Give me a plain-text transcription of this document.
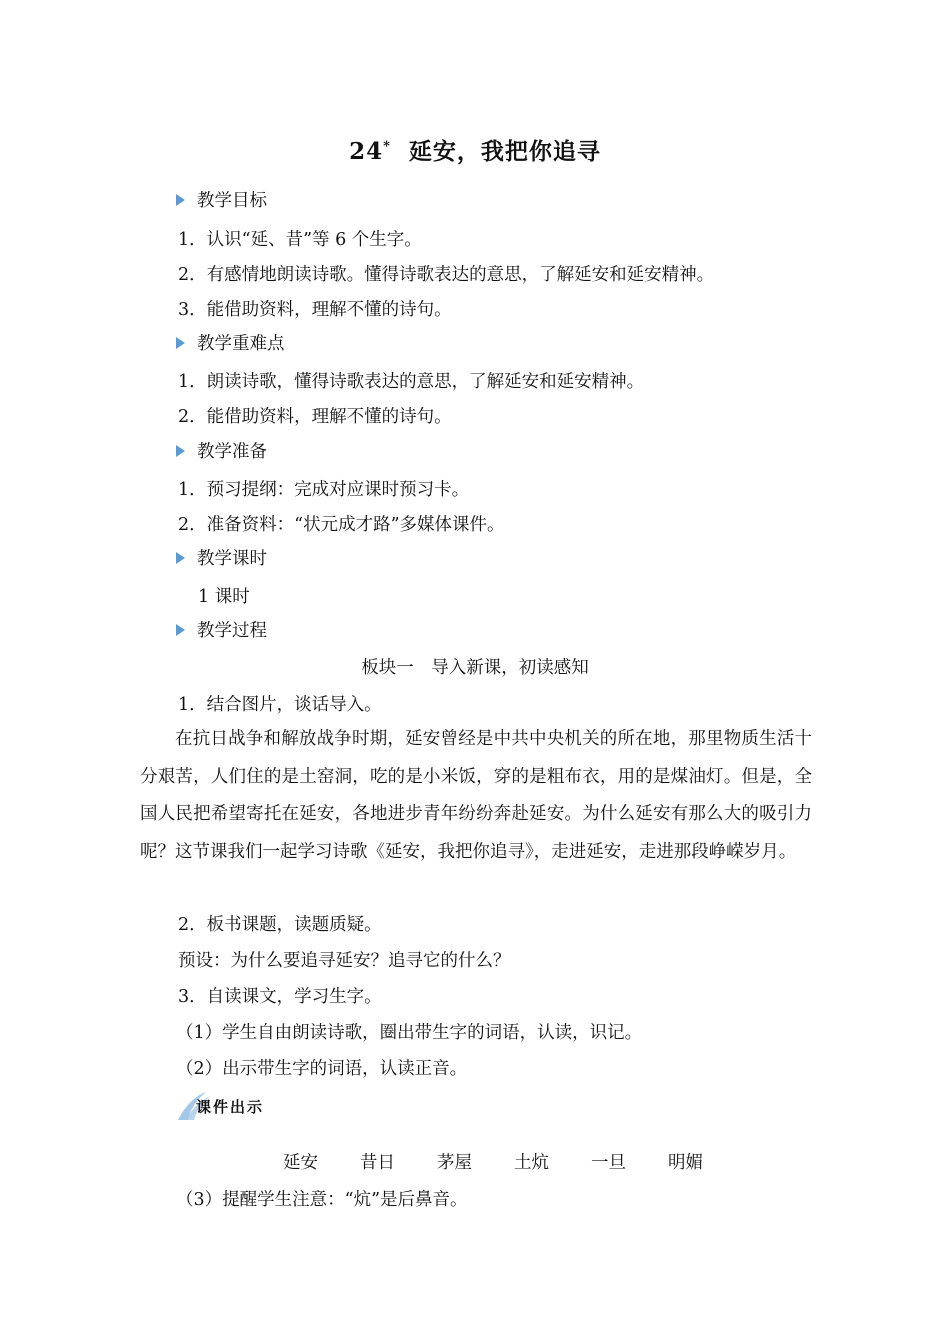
24* 延安，我把你追寻
教学目标
1．认识“延、昔”等 6 个生字。
2．有感情地朗读诗歌。懂得诗歌表达的意思，了解延安和延安精神。
3．能借助资料，理解不懂的诗句。
教学重难点
1．朗读诗歌，懂得诗歌表达的意思，了解延安和延安精神。
2．能借助资料，理解不懂的诗句。
教学准备
1．预习提纲：完成对应课时预习卡。
2．准备资料：“状元成才路”多媒体课件。
教学课时
1 课时
教学过程
板块一　导入新课，初读感知
1．结合图片，谈话导入。
在抗日战争和解放战争时期，延安曾经是中共中央机关的所在地，那里物质生活十分艰苦，人们住的是土窑洞，吃的是小米饭，穿的是粗布衣，用的是煤油灯。但是，全国人民把希望寄托在延安，各地进步青年纷纷奔赴延安。为什么延安有那么大的吸引力呢？这节课我们一起学习诗歌《延安，我把你追寻》，走进延安，走进那段峥嵘岁月。
2．板书课题，读题质疑。
预设：为什么要追寻延安？追寻它的什么？
3．自读课文，学习生字。
（1）学生自由朗读诗歌，圈出带生字的词语，认读，识记。
（2）出示带生字的词语，认读正音。
课件出示
延安	昔日	茅屋	土炕	一旦	明媚
（3）提醒学生注意：“炕”是后鼻音。
